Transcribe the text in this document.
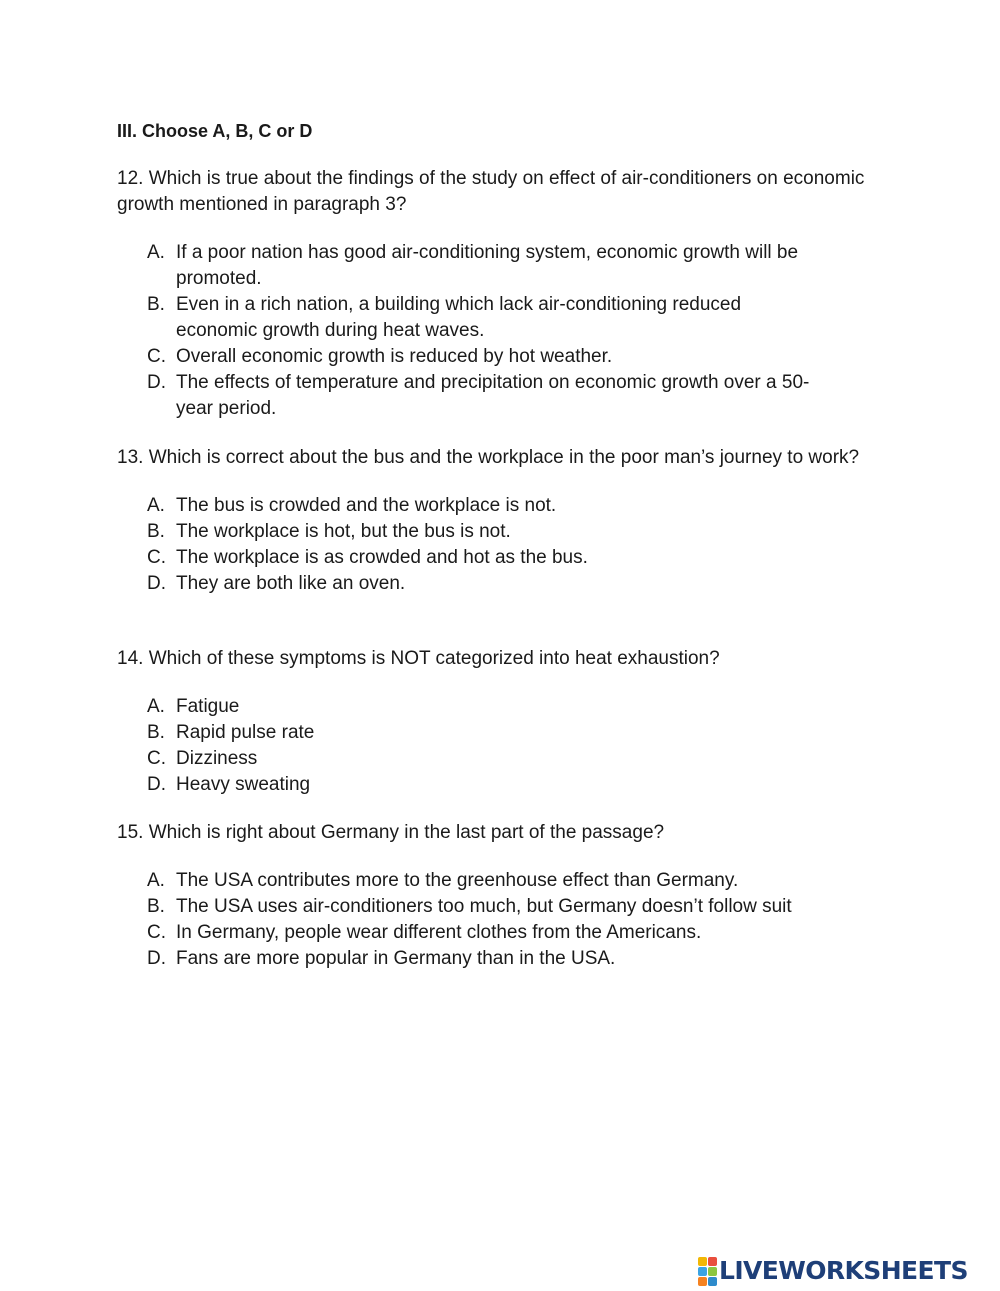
III. Choose A, B, C or D

12. Which is true about the findings of the study on effect of air-conditioners on economic growth mentioned in paragraph 3?

A. If a poor nation has good air-conditioning system, economic growth will be promoted.
B. Even in a rich nation, a building which lack air-conditioning reduced economic growth during heat waves.
C. Overall economic growth is reduced by hot weather.
D. The effects of temperature and precipitation on economic growth over a 50-year period.

13. Which is correct about the bus and the workplace in the poor man’s journey to work?

A. The bus is crowded and the workplace is not.
B. The workplace is hot, but the bus is not.
C. The workplace is as crowded and hot as the bus.
D. They are both like an oven.

14. Which of these symptoms is NOT categorized into heat exhaustion?

A. Fatigue
B. Rapid pulse rate
C. Dizziness
D. Heavy sweating

15. Which is right about Germany in the last part of the passage?

A. The USA contributes more to the greenhouse effect than Germany.
B. The USA uses air-conditioners too much, but Germany doesn’t follow suit
C. In Germany, people wear different clothes from the Americans.
D. Fans are more popular in Germany than in the USA.
LIVEWORKSHEETS
